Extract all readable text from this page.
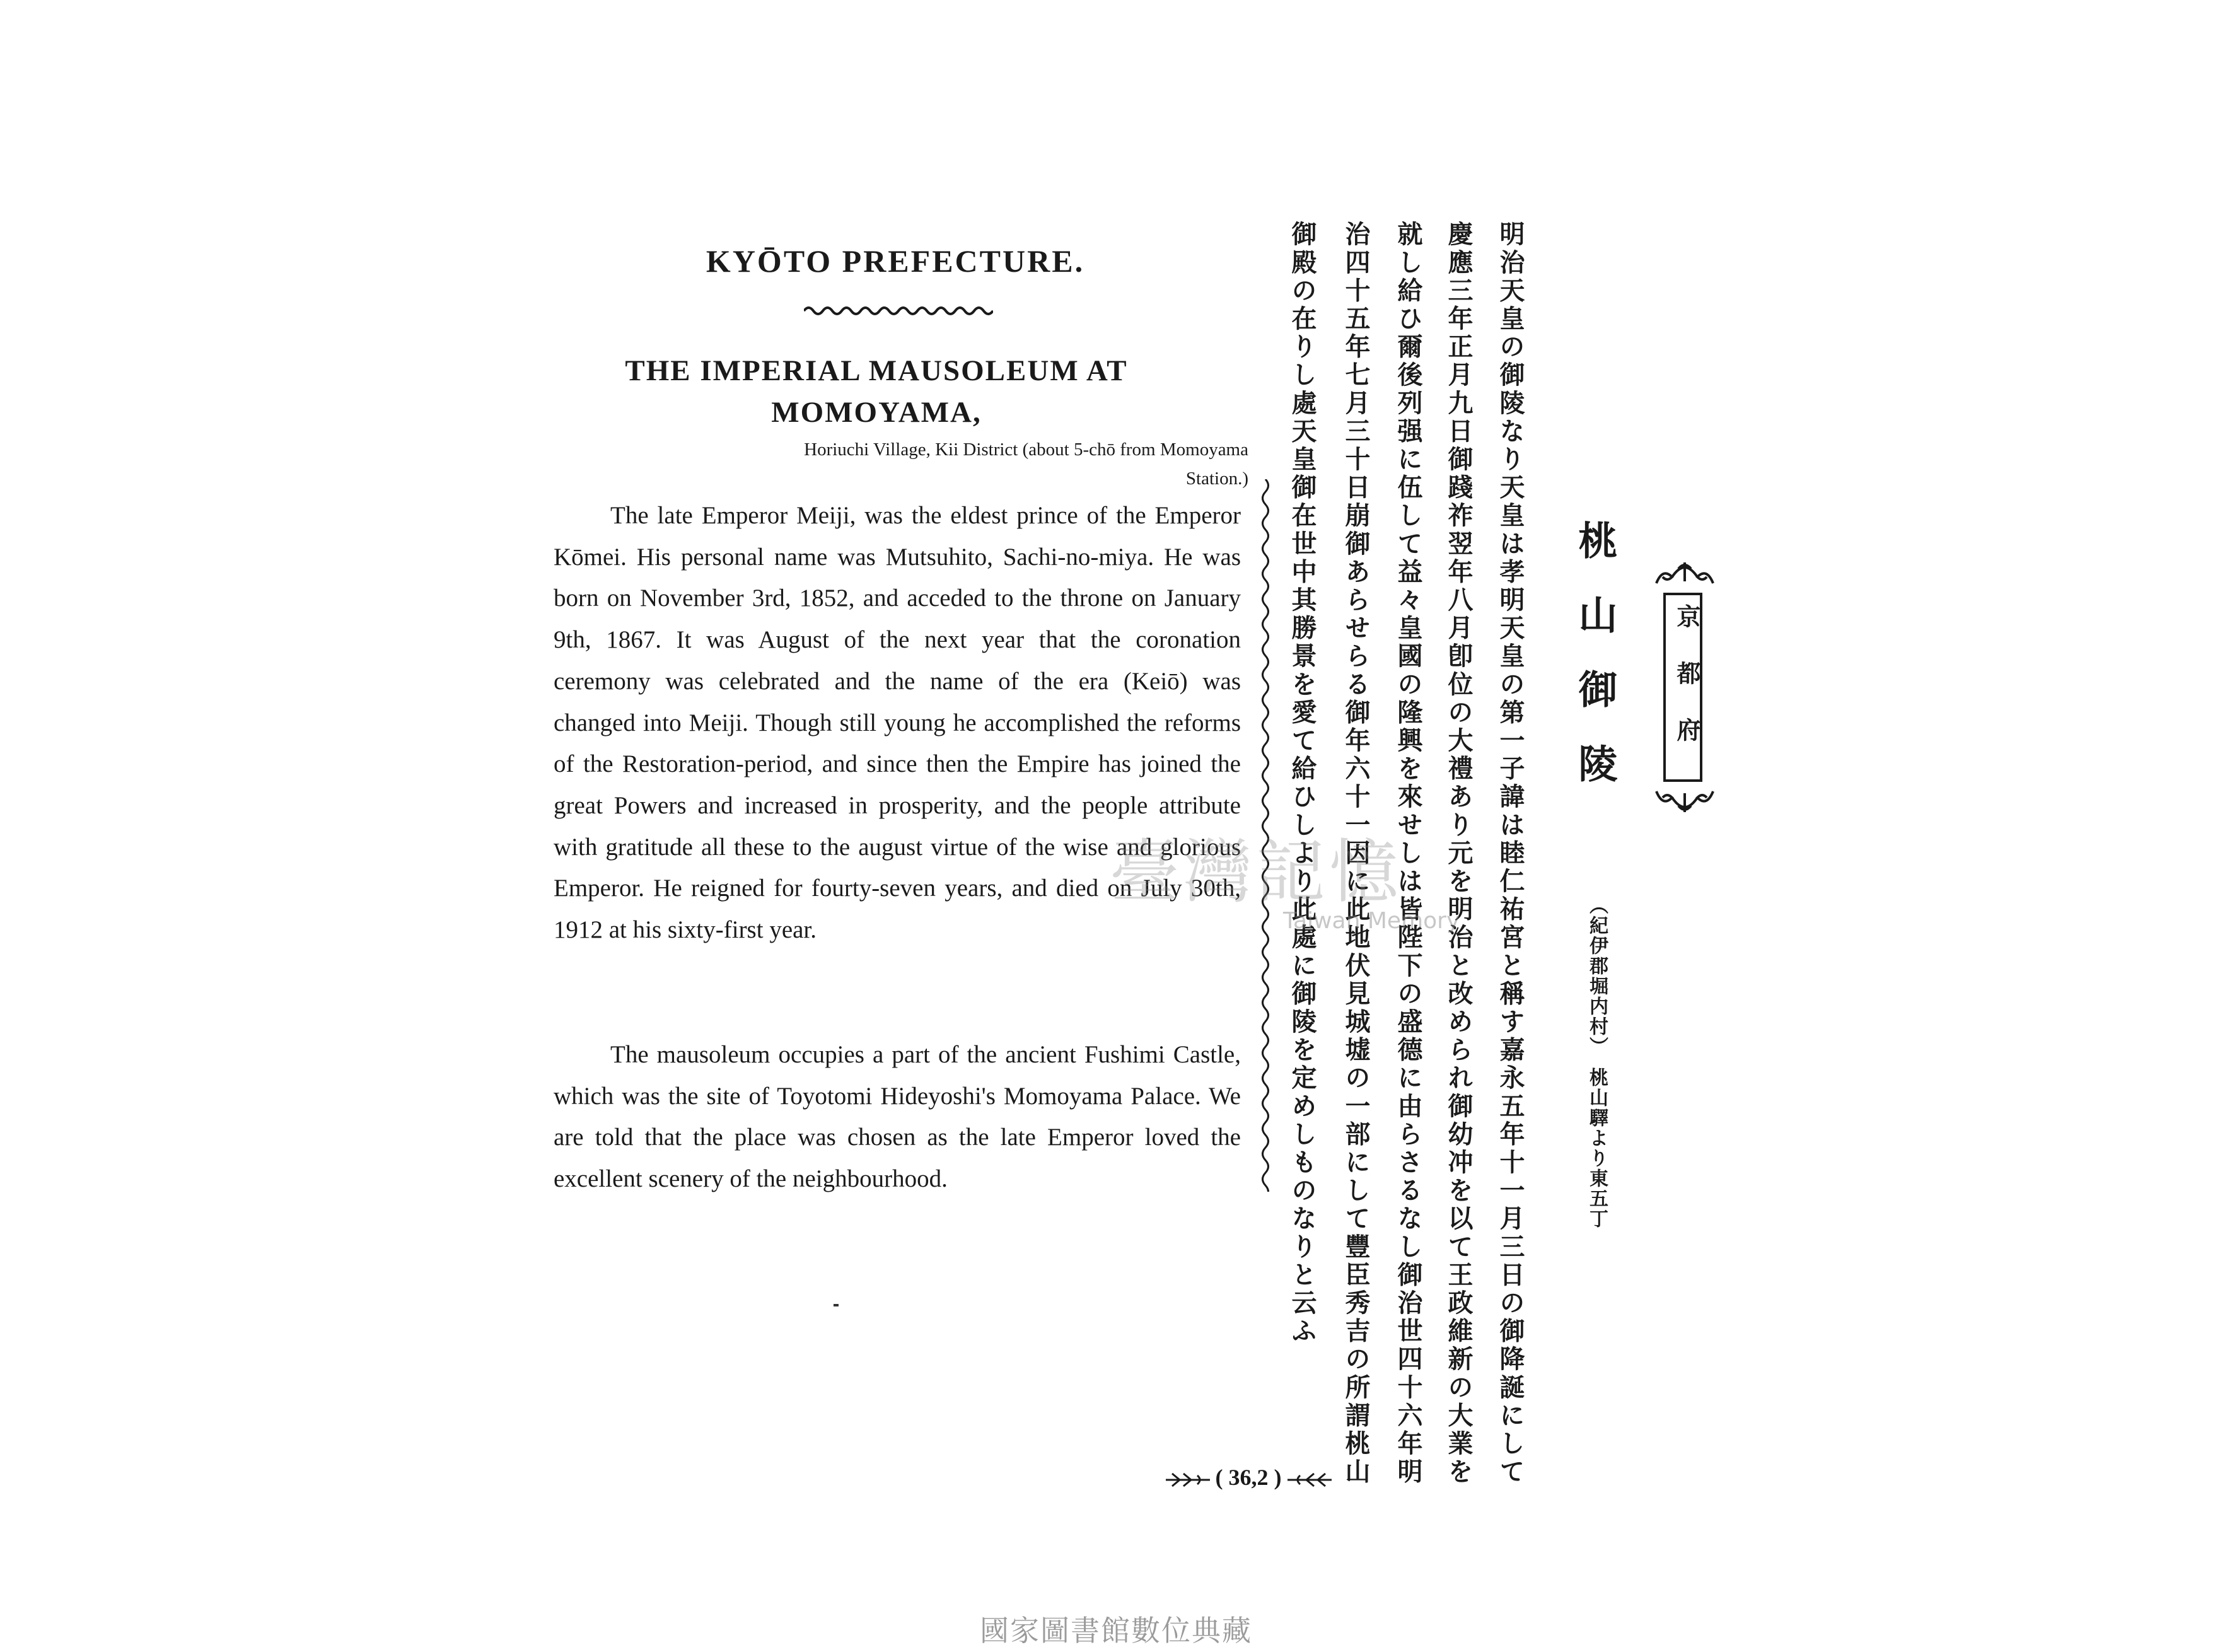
KYŌTO PREFECTURE.
THE IMPERIAL MAUSOLEUM AT MOMOYAMA,
Horiuchi Village, Kii District (about 5-chō from Momoyama Station.)

The late Emperor Meiji, was the eldest prince of the Emperor Kōmei. His personal name was Mutsuhito, Sachi-no-miya. He was born on November 3rd, 1852, and acceded to the throne on January 9th, 1867. It was August of the next year that the coronation ceremony was celebrated and the name of the era (Keiō) was changed into Meiji. Though still young he accomplished the reforms of the Restoration-period, and since then the Empire has joined the great Powers and increased in prosperity, and the people attribute with gratitude all these to the august virtue of the wise and glorious Emperor. He reigned for fourty-seven years, and died on July 30th, 1912 at his sixty-first year.

The mausoleum occupies a part of the ancient Fushimi Castle, which was the site of Toyotomi Hideyoshi's Momoyama Palace. We are told that the place was chosen as the late Emperor loved the excellent scenery of the neighbourhood.

京都府
桃山御陵
（紀伊郡堀内村）　桃山驛より東五丁
明治天皇の御陵なり天皇は孝明天皇の第一子諱は睦仁祐宮と稱す嘉永五年十一月三日の御降誕にして
慶應三年正月九日御踐祚翌年八月卽位の大禮あり元を明治と改められ御幼冲を以て王政維新の大業を
就し給ひ爾後列强に伍して益々皇國の隆興を來せしは皆陛下の盛德に由らさるなし御治世四十六年明
治四十五年七月三十日崩御あらせらる御年六十一因に此地伏見城墟の一部にして豐臣秀吉の所謂桃山
御殿の在りし處天皇御在世中其勝景を愛て給ひしより此處に御陵を定めしものなりと云ふ
臺灣記憶
Taiwan Memory
( 36,2 )
國家圖書館數位典藏
